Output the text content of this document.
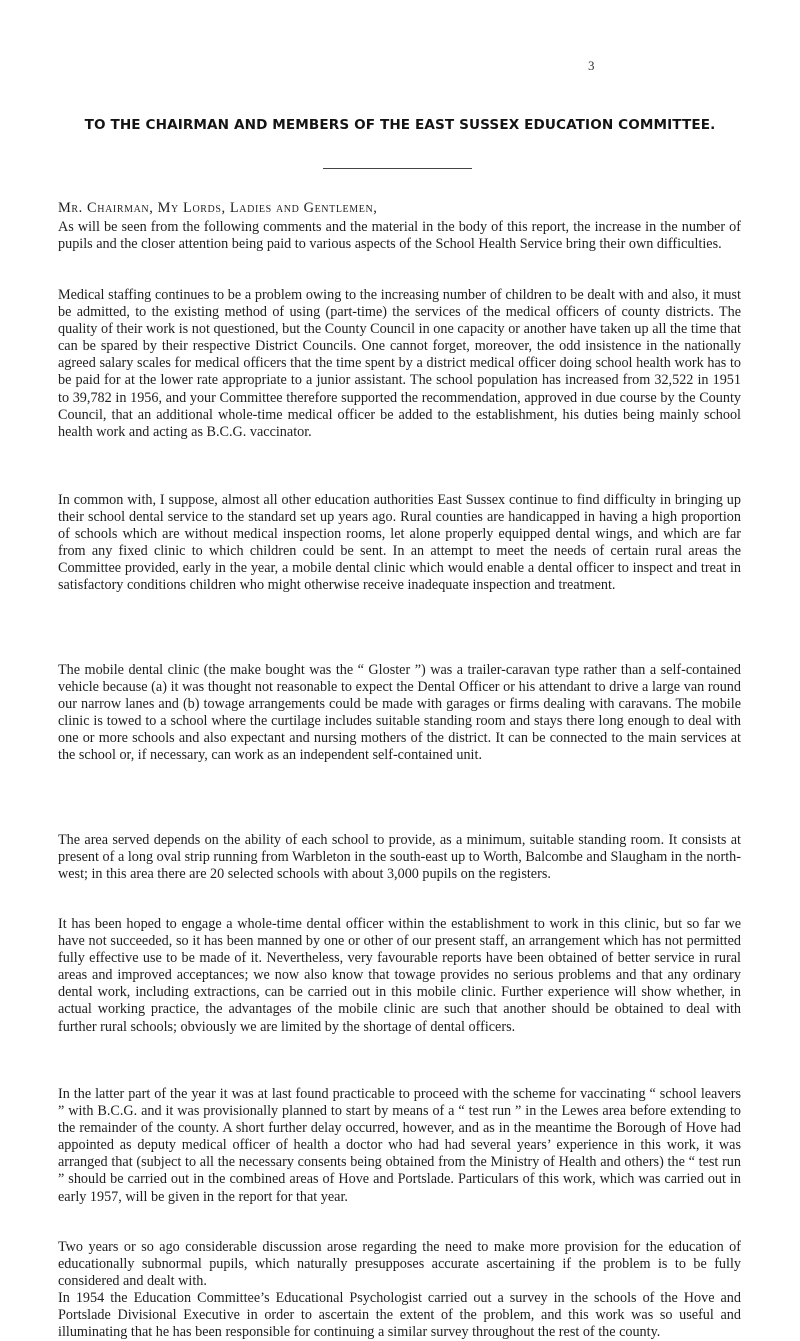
3
TO THE CHAIRMAN AND MEMBERS OF THE EAST SUSSEX EDUCATION COMMITTEE.
Mr. Chairman, My Lords, Ladies and Gentlemen,

As will be seen from the following comments and the material in the body of this report, the increase in the number of pupils and the closer attention being paid to various aspects of the School Health Service bring their own difficulties.

Medical staffing continues to be a problem owing to the increasing number of children to be dealt with and also, it must be admitted, to the existing method of using (part-time) the services of the medical officers of county districts. The quality of their work is not questioned, but the County Council in one capacity or another have taken up all the time that can be spared by their respective District Councils. One cannot forget, moreover, the odd insistence in the nationally agreed salary scales for medical officers that the time spent by a district medical officer doing school health work has to be paid for at the lower rate appropriate to a junior assistant. The school population has increased from 32,522 in 1951 to 39,782 in 1956, and your Committee therefore supported the recommendation, approved in due course by the County Council, that an additional whole-time medical officer be added to the establishment, his duties being mainly school health work and acting as B.C.G. vaccinator.

In common with, I suppose, almost all other education authorities East Sussex continue to find difficulty in bringing up their school dental service to the standard set up years ago. Rural counties are handicapped in having a high proportion of schools which are without medical inspection rooms, let alone properly equipped dental wings, and which are far from any fixed clinic to which children could be sent. In an attempt to meet the needs of certain rural areas the Committee provided, early in the year, a mobile dental clinic which would enable a dental officer to inspect and treat in satisfactory conditions children who might otherwise receive inadequate inspection and treatment.

The mobile dental clinic (the make bought was the “ Gloster ”) was a trailer-caravan type rather than a self-contained vehicle because (a) it was thought not reasonable to expect the Dental Officer or his attendant to drive a large van round our narrow lanes and (b) towage arrangements could be made with garages or firms dealing with caravans. The mobile clinic is towed to a school where the curtilage includes suitable standing room and stays there long enough to deal with one or more schools and also expectant and nursing mothers of the district. It can be connected to the main services at the school or, if necessary, can work as an independent self-contained unit.

The area served depends on the ability of each school to provide, as a minimum, suitable standing room. It consists at present of a long oval strip running from Warbleton in the south-east up to Worth, Balcombe and Slaugham in the north-west; in this area there are 20 selected schools with about 3,000 pupils on the registers.

It has been hoped to engage a whole-time dental officer within the establishment to work in this clinic, but so far we have not succeeded, so it has been manned by one or other of our present staff, an arrangement which has not permitted fully effective use to be made of it. Nevertheless, very favourable reports have been obtained of better service in rural areas and improved acceptances; we now also know that towage provides no serious problems and that any ordinary dental work, including extractions, can be carried out in this mobile clinic. Further experience will show whether, in actual working practice, the advantages of the mobile clinic are such that another should be obtained to deal with further rural schools; obviously we are limited by the shortage of dental officers.

In the latter part of the year it was at last found practicable to proceed with the scheme for vaccinating “ school leavers ” with B.C.G. and it was provisionally planned to start by means of a “ test run ” in the Lewes area before extending to the remainder of the county. A short further delay occurred, however, and as in the meantime the Borough of Hove had appointed as deputy medical officer of health a doctor who had had several years’ experience in this work, it was arranged that (subject to all the necessary consents being obtained from the Ministry of Health and others) the “ test run ” should be carried out in the combined areas of Hove and Portslade. Particulars of this work, which was carried out in early 1957, will be given in the report for that year.

Two years or so ago considerable discussion arose regarding the need to make more provision for the education of educationally subnormal pupils, which naturally presupposes accurate ascertaining if the problem is to be fully considered and dealt with.

In 1954 the Education Committee’s Educational Psychologist carried out a survey in the schools of the Hove and Portslade Divisional Executive in order to ascertain the extent of the problem, and this work was so useful and illuminating that he has been responsible for continuing a similar survey throughout the rest of the county.
